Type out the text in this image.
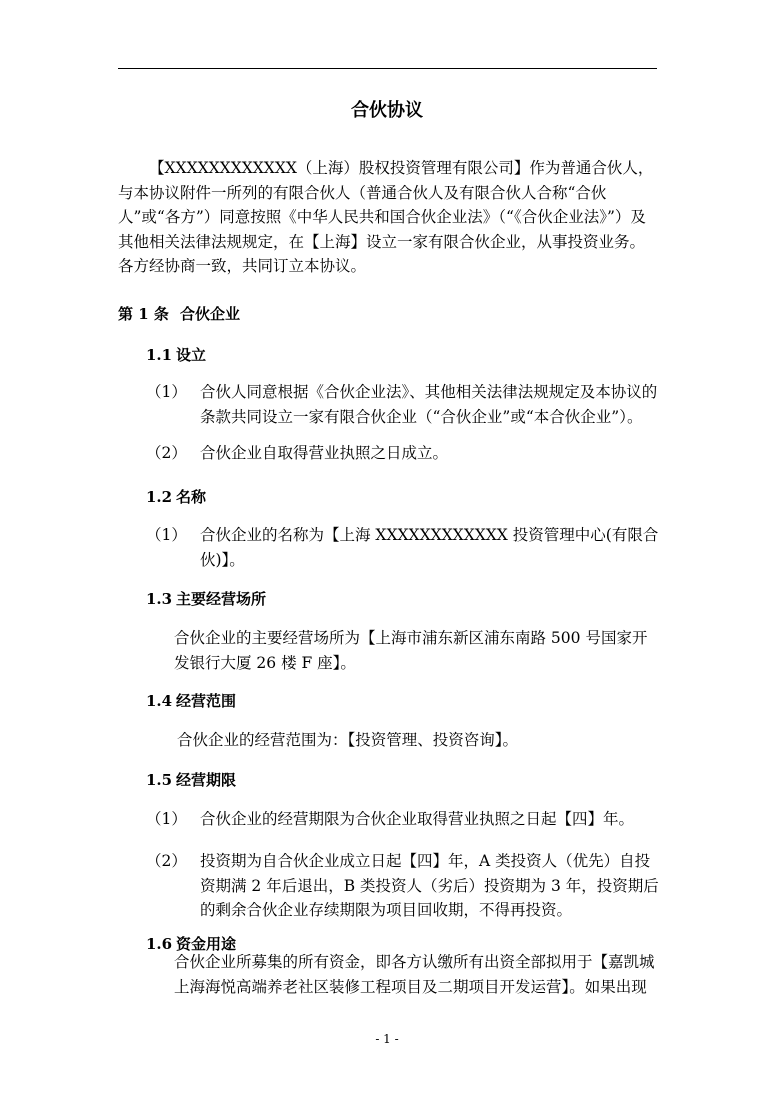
合伙协议
【XXXXXXXXXXXX（上海）股权投资管理有限公司】作为普通合伙人，与本协议附件一所列的有限合伙人（普通合伙人及有限合伙人合称“合伙人”或“各方”）同意按照《中华人民共和国合伙企业法》（“《合伙企业法》”）及其他相关法律法规规定，在【上海】设立一家有限合伙企业，从事投资业务。各方经协商一致，共同订立本协议。
第 1 条 合伙企业
1.1 设立
（1） 合伙人同意根据《合伙企业法》、其他相关法律法规规定及本协议的条款共同设立一家有限合伙企业（“合伙企业”或“本合伙企业”）。
（2） 合伙企业自取得营业执照之日成立。
1.2 名称
（1） 合伙企业的名称为【上海 XXXXXXXXXXXX 投资管理中心(有限合伙)】。
1.3 主要经营场所
合伙企业的主要经营场所为【上海市浦东新区浦东南路 500 号国家开发银行大厦 26 楼 F 座】。
1.4 经营范围
合伙企业的经营范围为：【投资管理、投资咨询】。
1.5 经营期限
（1） 合伙企业的经营期限为合伙企业取得营业执照之日起【四】年。
（2） 投资期为自合伙企业成立日起【四】年，A 类投资人（优先）自投资期满 2 年后退出，B 类投资人（劣后）投资期为 3 年，投资期后的剩余合伙企业存续期限为项目回收期，不得再投资。
1.6 资金用途
合伙企业所募集的所有资金，即各方认缴所有出资全部拟用于【嘉凯城上海海悦高端养老社区装修工程项目及二期项目开发运营】。如果出现
- 1 -
